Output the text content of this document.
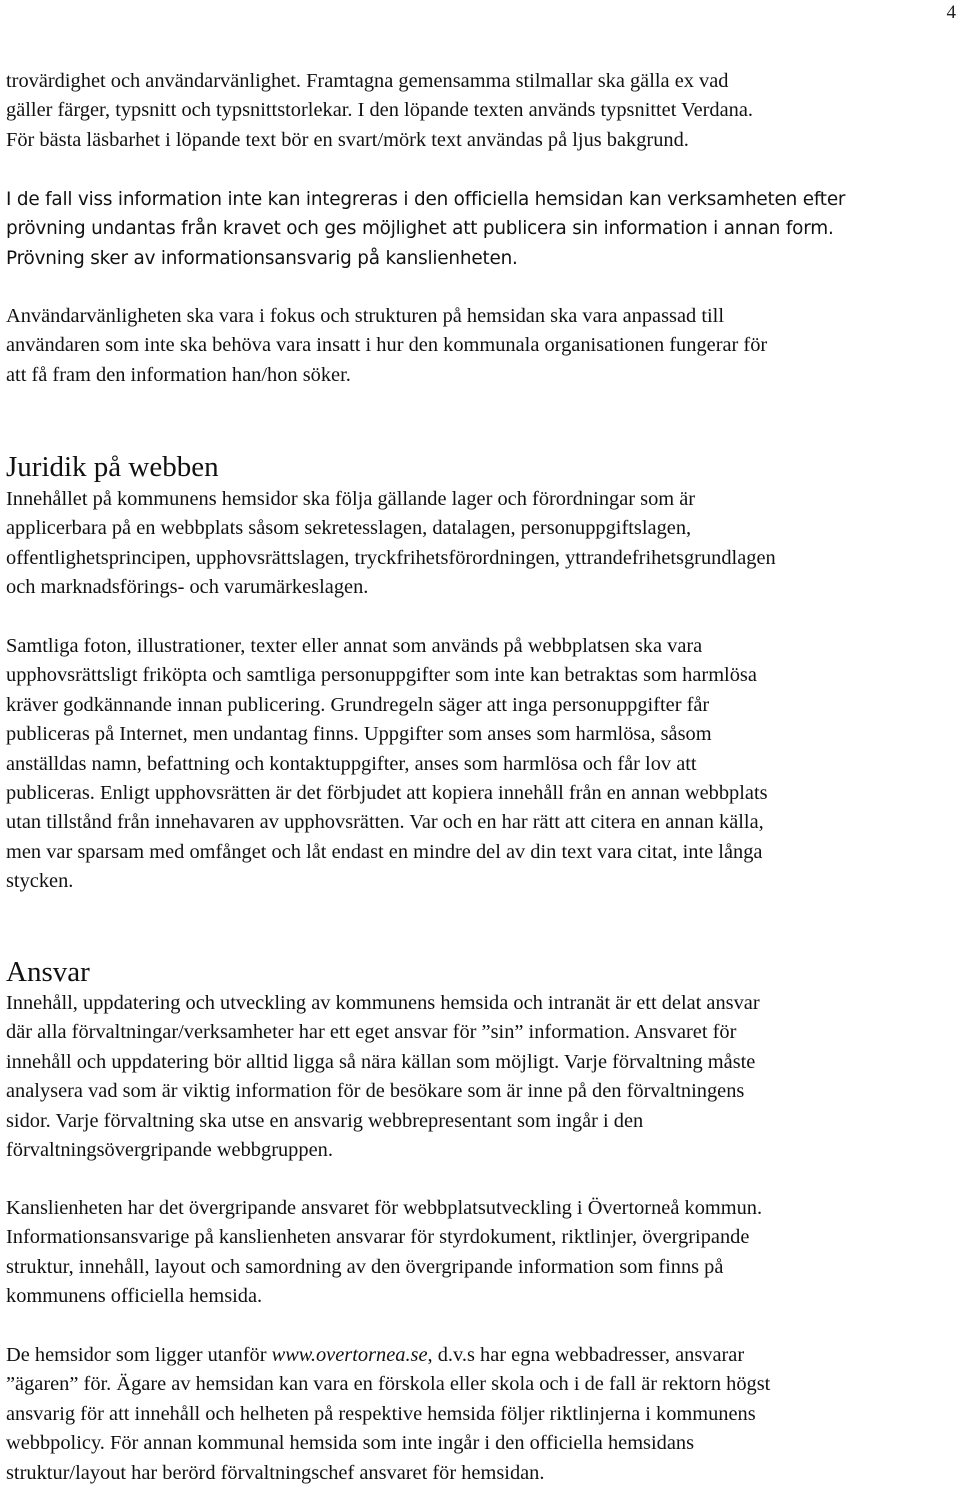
4
trovärdighet och användarvänlighet. Framtagna gemensamma stilmallar ska gälla ex vad
gäller färger, typsnitt och typsnittstorlekar. I den löpande texten används typsnittet Verdana.
För bästa läsbarhet i löpande text bör en svart/mörk text användas på ljus bakgrund.
I de fall viss information inte kan integreras i den officiella hemsidan kan verksamheten efter
prövning undantas från kravet och ges möjlighet att publicera sin information i annan form.
Prövning sker av informationsansvarig på kanslienheten.
Användarvänligheten ska vara i fokus och strukturen på hemsidan ska vara anpassad till
användaren som inte ska behöva vara insatt i hur den kommunala organisationen fungerar för
att få fram den information han/hon söker.
Juridik på webben
Innehållet på kommunens hemsidor ska följa gällande lager och förordningar som är
applicerbara på en webbplats såsom sekretesslagen, datalagen, personuppgiftslagen,
offentlighetsprincipen, upphovsrättslagen, tryckfrihetsförordningen, yttrandefrihetsgrundlagen
och marknadsförings- och varumärkeslagen.
Samtliga foton, illustrationer, texter eller annat som används på webbplatsen ska vara
upphovsrättsligt friköpta och samtliga personuppgifter som inte kan betraktas som harmlösa
kräver godkännande innan publicering. Grundregeln säger att inga personuppgifter får
publiceras på Internet, men undantag finns. Uppgifter som anses som harmlösa, såsom
anställdas namn, befattning och kontaktuppgifter, anses som harmlösa och får lov att
publiceras. Enligt upphovsrätten är det förbjudet att kopiera innehåll från en annan webbplats
utan tillstånd från innehavaren av upphovsrätten. Var och en har rätt att citera en annan källa,
men var sparsam med omfånget och låt endast en mindre del av din text vara citat, inte långa
stycken.
Ansvar
Innehåll, uppdatering och utveckling av kommunens hemsida och intranät är ett delat ansvar
där alla förvaltningar/verksamheter har ett eget ansvar för ”sin” information. Ansvaret för
innehåll och uppdatering bör alltid ligga så nära källan som möjligt. Varje förvaltning måste
analysera vad som är viktig information för de besökare som är inne på den förvaltningens
sidor. Varje förvaltning ska utse en ansvarig webbrepresentant som ingår i den
förvaltningsövergripande webbgruppen.
Kanslienheten har det övergripande ansvaret för webbplatsutveckling i Övertorneå kommun.
Informationsansvarige på kanslienheten ansvarar för styrdokument, riktlinjer, övergripande
struktur, innehåll, layout och samordning av den övergripande information som finns på
kommunens officiella hemsida.
De hemsidor som ligger utanför www.overtornea.se, d.v.s har egna webbadresser, ansvarar
”ägaren” för. Ägare av hemsidan kan vara en förskola eller skola och i de fall är rektorn högst
ansvarig för att innehåll och helheten på respektive hemsida följer riktlinjerna i kommunens
webbpolicy. För annan kommunal hemsida som inte ingår i den officiella hemsidans
struktur/layout har berörd förvaltningschef ansvaret för hemsidan.
